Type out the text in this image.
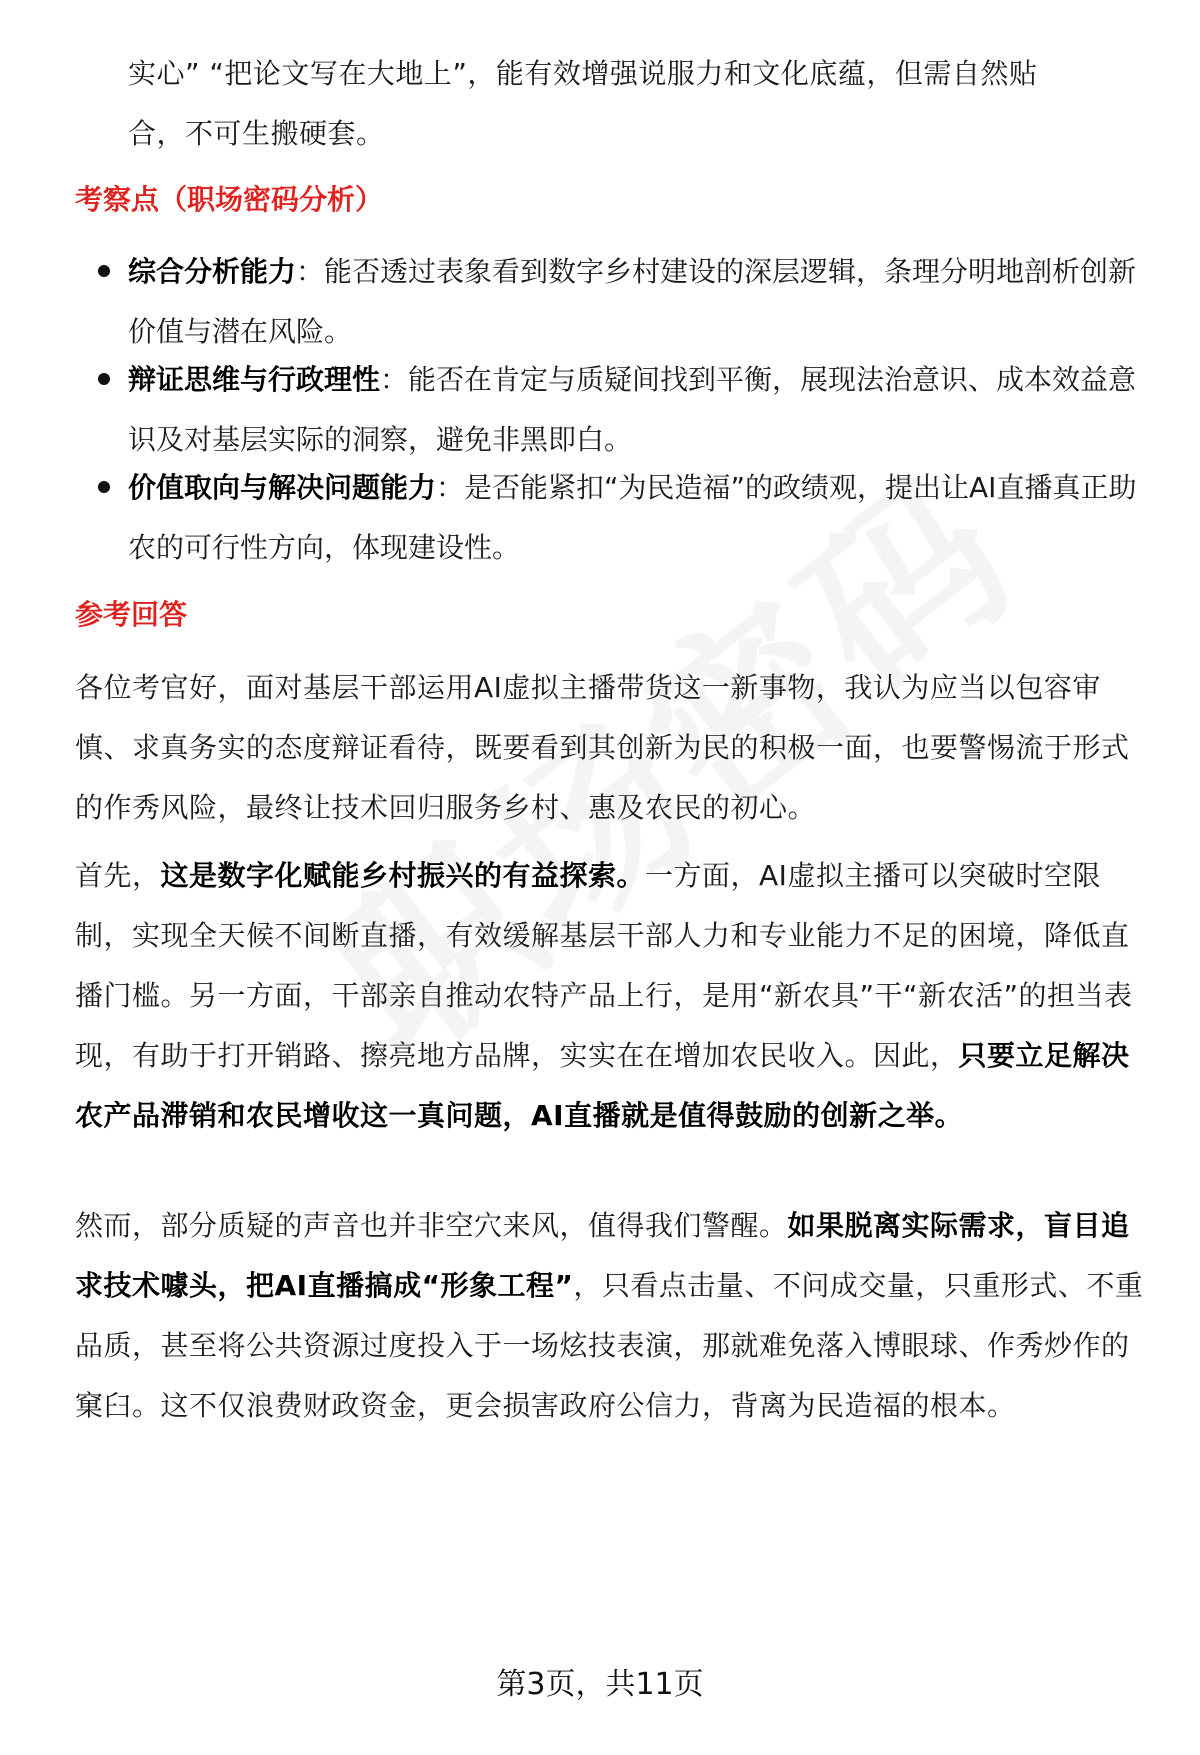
实心” “把论文写在大地上”，能有效增强说服力和文化底蕴，但需自然贴
合，不可生搬硬套。
考察点（职场密码分析）
综合分析能力：能否透过表象看到数字乡村建设的深层逻辑，条理分明地剖析创新价值与潜在风险。
辩证思维与行政理性：能否在肯定与质疑间找到平衡，展现法治意识、成本效益意识及对基层实际的洞察，避免非黑即白。
价值取向与解决问题能力：是否能紧扣“为民造福”的政绩观，提出让AI直播真正助农的可行性方向，体现建设性。
参考回答
各位考官好，面对基层干部运用AI虚拟主播带货这一新事物，我认为应当以包容审慎、求真务实的态度辩证看待，既要看到其创新为民的积极一面，也要警惕流于形式的作秀风险，最终让技术回归服务乡村、惠及农民的初心。
首先，这是数字化赋能乡村振兴的有益探索。一方面，AI虚拟主播可以突破时空限制，实现全天候不间断直播，有效缓解基层干部人力和专业能力不足的困境，降低直播门槛。另一方面，干部亲自推动农特产品上行，是用“新农具”干“新农活”的担当表现，有助于打开销路、擦亮地方品牌，实实在在增加农民收入。因此，只要立足解决农产品滞销和农民增收这一真问题，AI直播就是值得鼓励的创新之举。
然而，部分质疑的声音也并非空穴来风，值得我们警醒。如果脱离实际需求，盲目追求技术噱头，把AI直播搞成“形象工程”，只看点击量、不问成交量，只重形式、不重品质，甚至将公共资源过度投入于一场炫技表演，那就难免落入博眼球、作秀炒作的窠臼。这不仅浪费财政资金，更会损害政府公信力，背离为民造福的根本。
第3页，共11页
